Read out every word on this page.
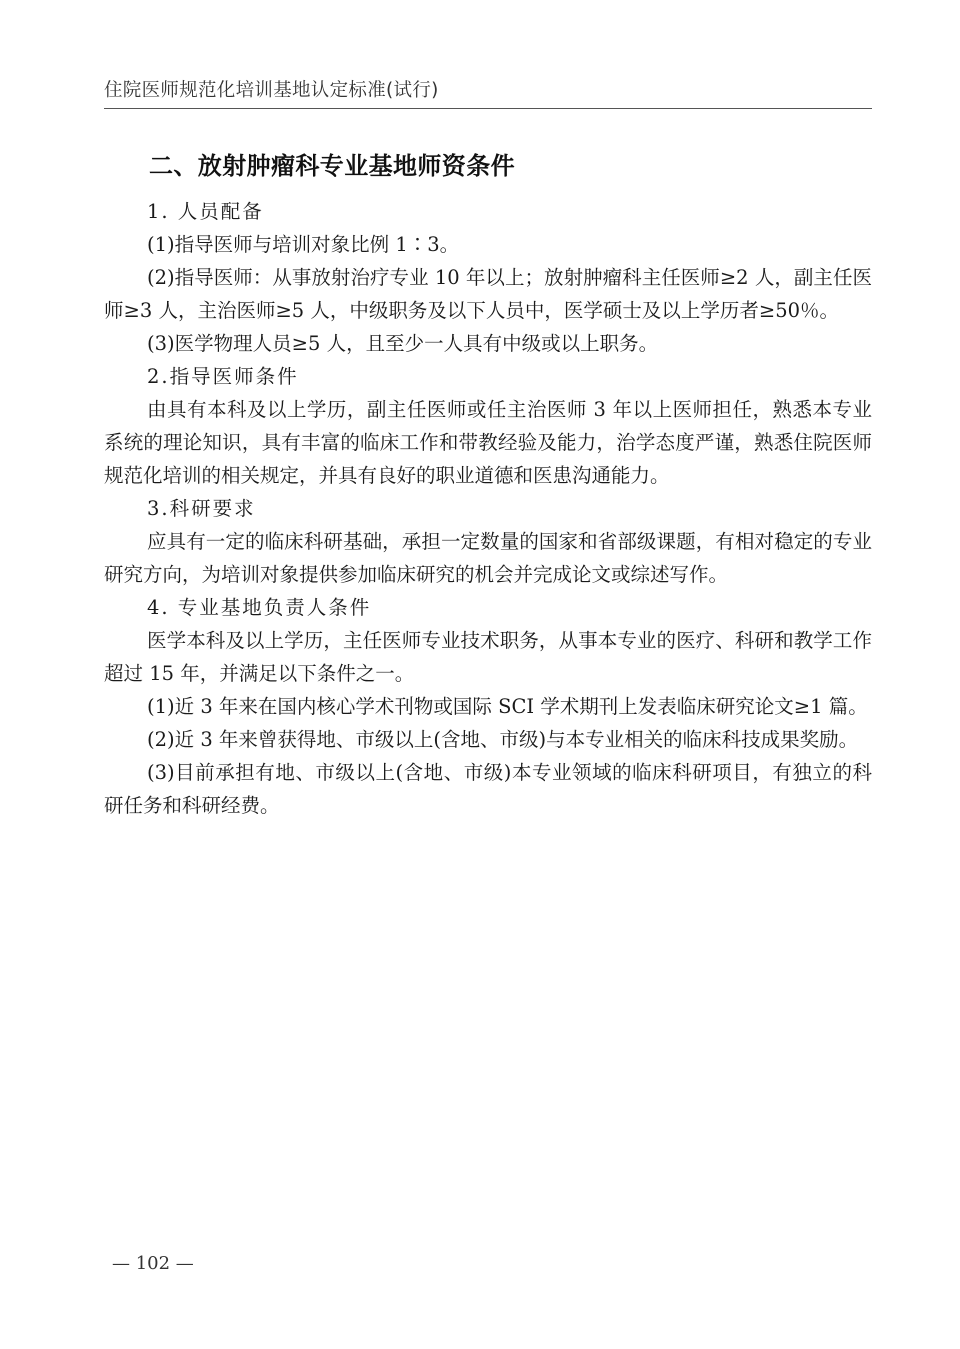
住院医师规范化培训基地认定标准(试行)
二、放射肿瘤科专业基地师资条件

1. 人员配备

(1)指导医师与培训对象比例 1∶3。

(2)指导医师：从事放射治疗专业 10 年以上；放射肿瘤科主任医师≥2 人，副主任医师≥3 人，主治医师≥5 人，中级职务及以下人员中，医学硕士及以上学历者≥50％。

(3)医学物理人员≥5 人，且至少一人具有中级或以上职务。

2.指导医师条件

由具有本科及以上学历，副主任医师或任主治医师 3 年以上医师担任，熟悉本专业系统的理论知识，具有丰富的临床工作和带教经验及能力，治学态度严谨，熟悉住院医师规范化培训的相关规定，并具有良好的职业道德和医患沟通能力。

3.科研要求

应具有一定的临床科研基础，承担一定数量的国家和省部级课题，有相对稳定的专业研究方向，为培训对象提供参加临床研究的机会并完成论文或综述写作。

4. 专业基地负责人条件

医学本科及以上学历，主任医师专业技术职务，从事本专业的医疗、科研和教学工作超过 15 年，并满足以下条件之一。

(1)近 3 年来在国内核心学术刊物或国际 SCI 学术期刊上发表临床研究论文≥1 篇。

(2)近 3 年来曾获得地、市级以上(含地、市级)与本专业相关的临床科技成果奖励。

(3)目前承担有地、市级以上(含地、市级)本专业领域的临床科研项目，有独立的科研任务和科研经费。

— 102 —
